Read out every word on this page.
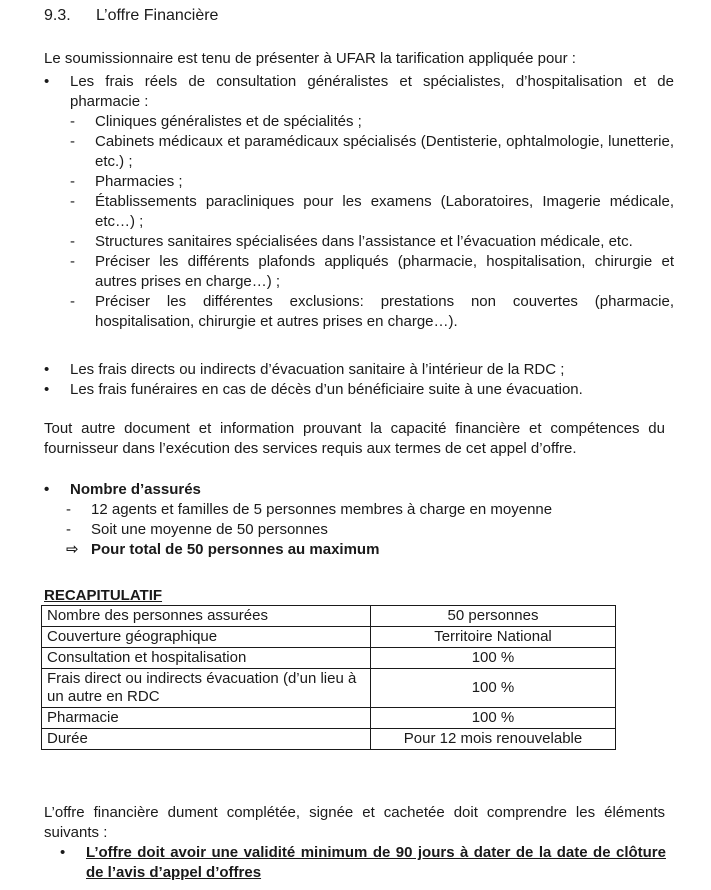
9.3. L’offre Financière
Le soumissionnaire est tenu de présenter à UFAR la tarification appliquée pour :
• Les frais réels de consultation généralistes et spécialistes, d’hospitalisation et de pharmacie :
- Cliniques généralistes et de spécialités ;
- Cabinets médicaux et paramédicaux spécialisés (Dentisterie, ophtalmologie, lunetterie, etc.) ;
- Pharmacies ;
- Établissements paracliniques pour les examens (Laboratoires, Imagerie médicale, etc…) ;
- Structures sanitaires spécialisées dans l’assistance et l’évacuation médicale, etc.
- Préciser les différents plafonds appliqués (pharmacie, hospitalisation, chirurgie et autres prises en charge…) ;
- Préciser les différentes exclusions: prestations non couvertes (pharmacie, hospitalisation, chirurgie et autres prises en charge…).
• Les frais directs ou indirects d’évacuation sanitaire à l’intérieur de la RDC ;
• Les frais funéraires en cas de décès d’un bénéficiaire suite à une évacuation.
Tout autre document et information prouvant la capacité financière et compétences du fournisseur dans l’exécution des services requis aux termes de cet appel d’offre.
• Nombre d’assurés
- 12 agents et familles de 5 personnes membres à charge en moyenne
- Soit une moyenne de 50 personnes
⇨ Pour total de 50 personnes au maximum
RECAPITULATIF
Nombre des personnes assurées	50 personnes
Couverture géographique	Territoire National
Consultation et hospitalisation	100 %
Frais direct ou indirects évacuation (d’un lieu à un autre en RDC	100 %
Pharmacie	100 %
Durée	Pour 12 mois renouvelable
L’offre financière dument complétée, signée et cachetée doit comprendre les éléments suivants :
•	L’offre doit avoir une validité minimum de 90 jours à dater de la date de clôture de l’avis d’appel d’offres
